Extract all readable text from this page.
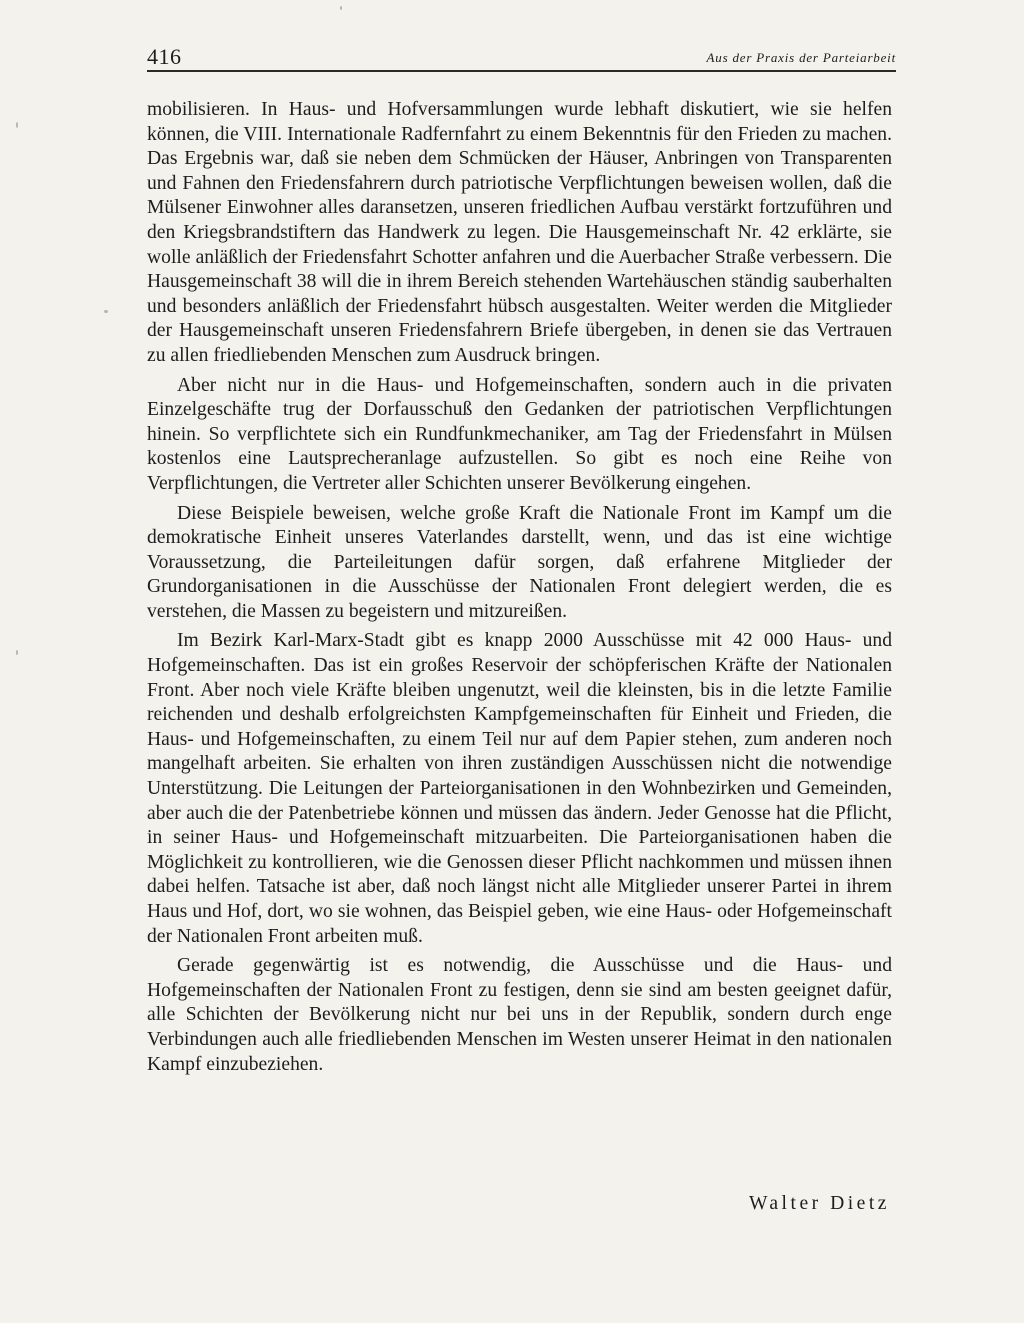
416	Aus der Praxis der Parteiarbeit

mobilisieren. In Haus- und Hofversammlungen wurde lebhaft diskutiert, wie sie helfen können, die VIII. Internationale Radfernfahrt zu einem Bekenntnis für den Frieden zu machen. Das Ergebnis war, daß sie neben dem Schmücken der Häuser, Anbringen von Transparenten und Fahnen den Friedensfahrern durch patriotische Verpflichtungen beweisen wollen, daß die Mülsener Einwohner alles daransetzen, unseren friedlichen Aufbau verstärkt fortzuführen und den Kriegsbrandstiftern das Handwerk zu legen. Die Hausgemeinschaft Nr. 42 erklärte, sie wolle anläßlich der Friedensfahrt Schotter anfahren und die Auerbacher Straße verbessern. Die Hausgemeinschaft 38 will die in ihrem Bereich stehenden Wartehäuschen ständig sauberhalten und besonders anläßlich der Friedensfahrt hübsch ausgestalten. Weiter werden die Mitglieder der Hausgemeinschaft unseren Friedensfahrern Briefe übergeben, in denen sie das Vertrauen zu allen friedliebenden Menschen zum Ausdruck bringen.

Aber nicht nur in die Haus- und Hofgemeinschaften, sondern auch in die privaten Einzelgeschäfte trug der Dorfausschuß den Gedanken der patriotischen Verpflichtungen hinein. So verpflichtete sich ein Rundfunkmechaniker, am Tag der Friedensfahrt in Mülsen kostenlos eine Lautsprecheranlage aufzustellen. So gibt es noch eine Reihe von Verpflichtungen, die Vertreter aller Schichten unserer Bevölkerung eingehen.

Diese Beispiele beweisen, welche große Kraft die Nationale Front im Kampf um die demokratische Einheit unseres Vaterlandes darstellt, wenn, und das ist eine wichtige Voraussetzung, die Parteileitungen dafür sorgen, daß erfahrene Mitglieder der Grundorganisationen in die Ausschüsse der Nationalen Front delegiert werden, die es verstehen, die Massen zu begeistern und mitzureißen.

Im Bezirk Karl-Marx-Stadt gibt es knapp 2000 Ausschüsse mit 42 000 Haus- und Hofgemeinschaften. Das ist ein großes Reservoir der schöpferischen Kräfte der Nationalen Front. Aber noch viele Kräfte bleiben ungenutzt, weil die kleinsten, bis in die letzte Familie reichenden und deshalb erfolgreichsten Kampfgemeinschaften für Einheit und Frieden, die Haus- und Hofgemeinschaften, zu einem Teil nur auf dem Papier stehen, zum anderen noch mangelhaft arbeiten. Sie erhalten von ihren zuständigen Ausschüssen nicht die notwendige Unterstützung. Die Leitungen der Parteiorganisationen in den Wohnbezirken und Gemeinden, aber auch die der Patenbetriebe können und müssen das ändern. Jeder Genosse hat die Pflicht, in seiner Haus- und Hofgemeinschaft mitzuarbeiten. Die Parteiorganisationen haben die Möglichkeit zu kontrollieren, wie die Genossen dieser Pflicht nachkommen und müssen ihnen dabei helfen. Tatsache ist aber, daß noch längst nicht alle Mitglieder unserer Partei in ihrem Haus und Hof, dort, wo sie wohnen, das Beispiel geben, wie eine Haus- oder Hofgemeinschaft der Nationalen Front arbeiten muß.

Gerade gegenwärtig ist es notwendig, die Ausschüsse und die Haus- und Hofgemeinschaften der Nationalen Front zu festigen, denn sie sind am besten geeignet dafür, alle Schichten der Bevölkerung nicht nur bei uns in der Republik, sondern durch enge Verbindungen auch alle friedliebenden Menschen im Westen unserer Heimat in den nationalen Kampf einzubeziehen.

Walter Dietz
